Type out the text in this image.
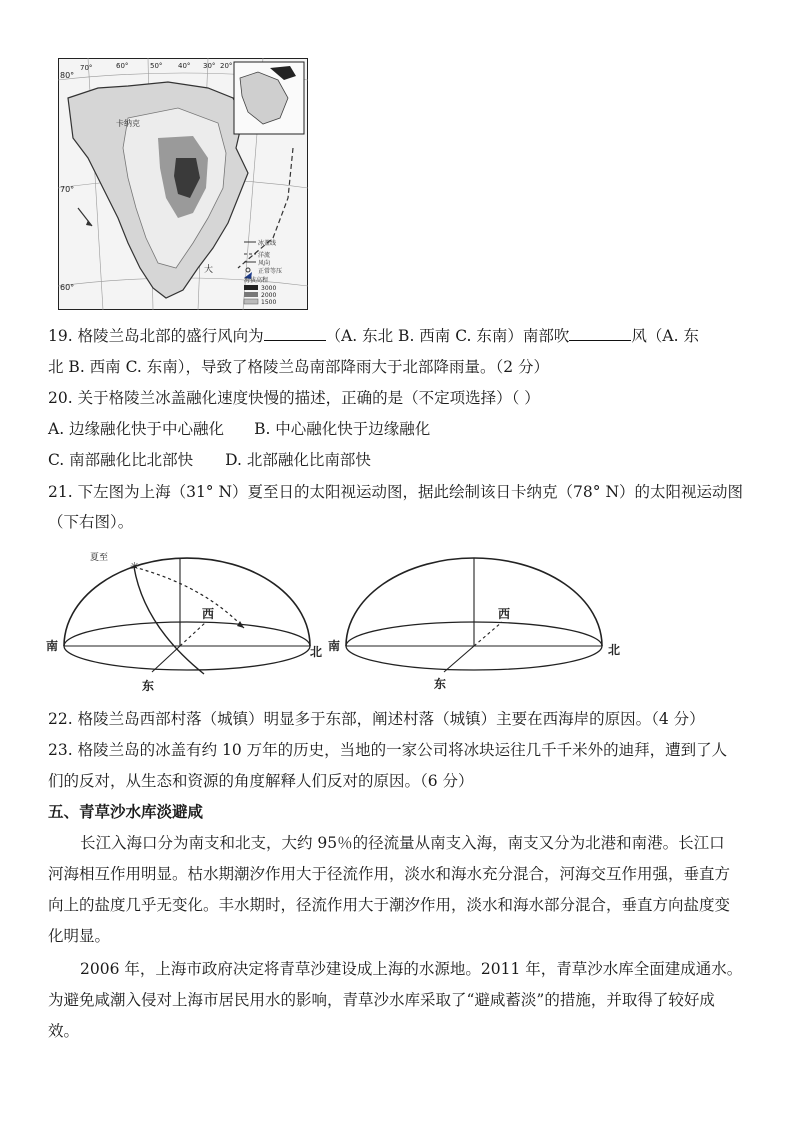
80°
70°
60°
70°	60°	50° 40° 30° 20°
卡纳克
大
冰盖线
洋流
风向
正常等压
海拔高程
3000
2000
1500
19. 格陵兰岛北部的盛行风向为	（A. 东北 B. 西南 C. 东南）南部吹	风（A. 东
北 B. 西南 C. 东南），导致了格陵兰岛南部降雨大于北部降雨量。（2 分）
20. 关于格陵兰冰盖融化速度快慢的描述，正确的是（不定项选择）（ ）
A. 边缘融化快于中心融化 B. 中心融化快于边缘融化
C. 南部融化比北部快 D. 北部融化比南部快
21. 下左图为上海（31° N）夏至日的太阳视运动图，据此绘制该日卡纳克（78° N）的太阳视运动图
（下右图）。
✳
夏至
南	北
西
东
南	北
西
东
22. 格陵兰岛西部村落（城镇）明显多于东部，阐述村落（城镇）主要在西海岸的原因。（4 分）
23. 格陵兰岛的冰盖有约 10 万年的历史，当地的一家公司将冰块运往几千千米外的迪拜，遭到了人
们的反对，从生态和资源的角度解释人们反对的原因。（6 分）
五、青草沙水库淡避咸
长江入海口分为南支和北支，大约 95％的径流量从南支入海，南支又分为北港和南港。长江口
河海相互作用明显。枯水期潮汐作用大于径流作用，淡水和海水充分混合，河海交互作用强，垂直方
向上的盐度几乎无变化。丰水期时，径流作用大于潮汐作用，淡水和海水部分混合，垂直方向盐度变
化明显。
2006 年，上海市政府决定将青草沙建设成上海的水源地。2011 年，青草沙水库全面建成通水。
为避免咸潮入侵对上海市居民用水的影响，青草沙水库采取了“避咸蓄淡”的措施，并取得了较好成
效。
